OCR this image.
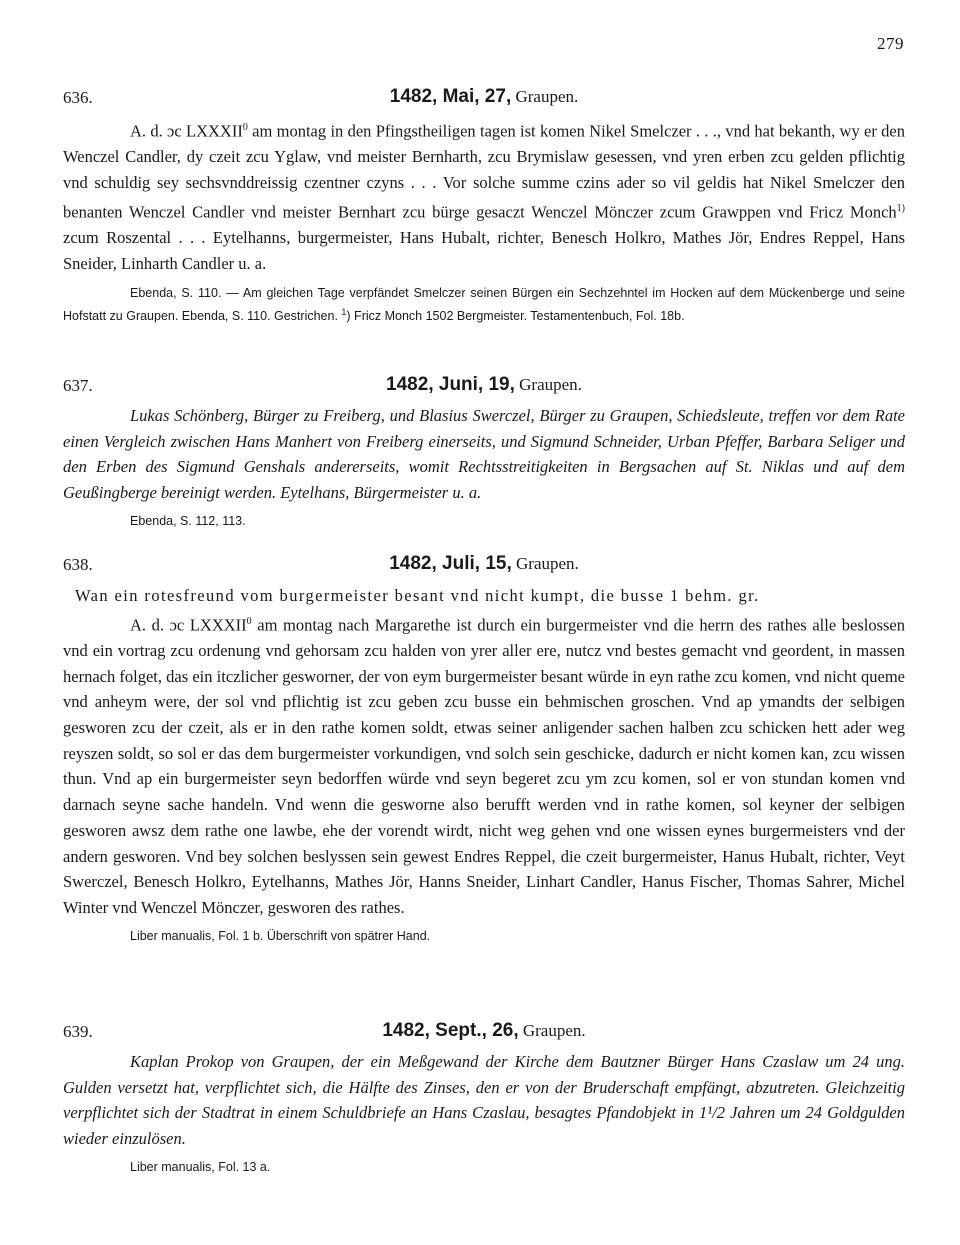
279
636.	1482, Mai, 27, Graupen.

A. d. ɔc LXXXII$^0$ am montag in den Pfingstheiligen tagen ist komen Nikel Smelczer . . ., vnd hat bekanth, wy er den Wenczel Candler, dy czeit zcu Yglaw, vnd meister Bernharth, zcu Brymislaw gesessen, vnd yren erben zcu gelden pflichtig vnd schuldig sey sechsvnddreissig czentner czyns . . . Vor solche summe czins ader so vil geldis hat Nikel Smelczer den benanten Wenczel Candler vnd meister Bernhart zcu bürge gesaczt Wenczel Mönczer zcum Grawppen vnd Fricz Monch$^{1)}$ zcum Roszental . . . Eytelhanns, burgermeister, Hans Hubalt, richter, Benesch Holkro, Mathes Jör, Endres Reppel, Hans Sneider, Linharth Candler u. a.

Ebenda, S. 110. — Am gleichen Tage verpfändet Smelczer seinen Bürgen ein Sechzehntel im Hocken auf dem Mückenberge und seine Hofstatt zu Graupen. Ebenda, S. 110. Gestrichen. $^1$) Fricz Monch 1502 Bergmeister. Testamentenbuch, Fol. 18b.

637.	1482, Juni, 19, Graupen.

Lukas Schönberg, Bürger zu Freiberg, und Blasius Swerczel, Bürger zu Graupen, Schiedsleute, treffen vor dem Rate einen Vergleich zwischen Hans Manhert von Freiberg einerseits, und Sigmund Schneider, Urban Pfeffer, Barbara Seliger und den Erben des Sigmund Genshals andererseits, womit Rechtsstreitigkeiten in Bergsachen auf St. Niklas und auf dem Geußingberge bereinigt werden. Eytelhans, Bürgermeister u. a.

Ebenda, S. 112, 113.

638.	1482, Juli, 15, Graupen.

Wan ein rotesfreund vom burgermeister besant vnd nicht kumpt, die busse 1 behm. gr.

A. d. ɔc LXXXII$^0$ am montag nach Margarethe ist durch ein burgermeister vnd die herrn des rathes alle beslossen vnd ein vortrag zcu ordenung vnd gehorsam zcu halden von yrer aller ere, nutcz vnd bestes gemacht vnd geordent, in massen hernach folget, das ein itczlicher gesworner, der von eym burgermeister besant würde in eyn rathe zcu komen, vnd nicht queme vnd anheym were, der sol vnd pflichtig ist zcu geben zcu busse ein behmischen groschen. Vnd ap ymandts der selbigen gesworen zcu der czeit, als er in den rathe komen soldt, etwas seiner anligender sachen halben zcu schicken hett ader weg reyszen soldt, so sol er das dem burgermeister vorkundigen, vnd solch sein geschicke, dadurch er nicht komen kan, zcu wissen thun. Vnd ap ein burgermeister seyn bedorffen würde vnd seyn begeret zcu ym zcu komen, sol er von stundan komen vnd darnach seyne sache handeln. Vnd wenn die gesworne also berufft werden vnd in rathe komen, sol keyner der selbigen gesworen awsz dem rathe one lawbe, ehe der vorendt wirdt, nicht weg gehen vnd one wissen eynes burgermeisters vnd der andern gesworen. Vnd bey solchen beslyssen sein gewest Endres Reppel, die czeit burgermeister, Hanus Hubalt, richter, Veyt Swerczel, Benesch Holkro, Eytelhanns, Mathes Jör, Hanns Sneider, Linhart Candler, Hanus Fischer, Thomas Sahrer, Michel Winter vnd Wenczel Mönczer, gesworen des rathes.

Liber manualis, Fol. 1 b. Überschrift von spätrer Hand.

639.	1482, Sept., 26, Graupen.

Kaplan Prokop von Graupen, der ein Meßgewand der Kirche dem Bautzner Bürger Hans Czaslaw um 24 ung. Gulden versetzt hat, verpflichtet sich, die Hälfte des Zinses, den er von der Bruderschaft empfängt, abzutreten. Gleichzeitig verpflichtet sich der Stadtrat in einem Schuldbriefe an Hans Czaslau, besagtes Pfandobjekt in 1¹/2 Jahren um 24 Goldgulden wieder einzulösen.

Liber manualis, Fol. 13 a.
